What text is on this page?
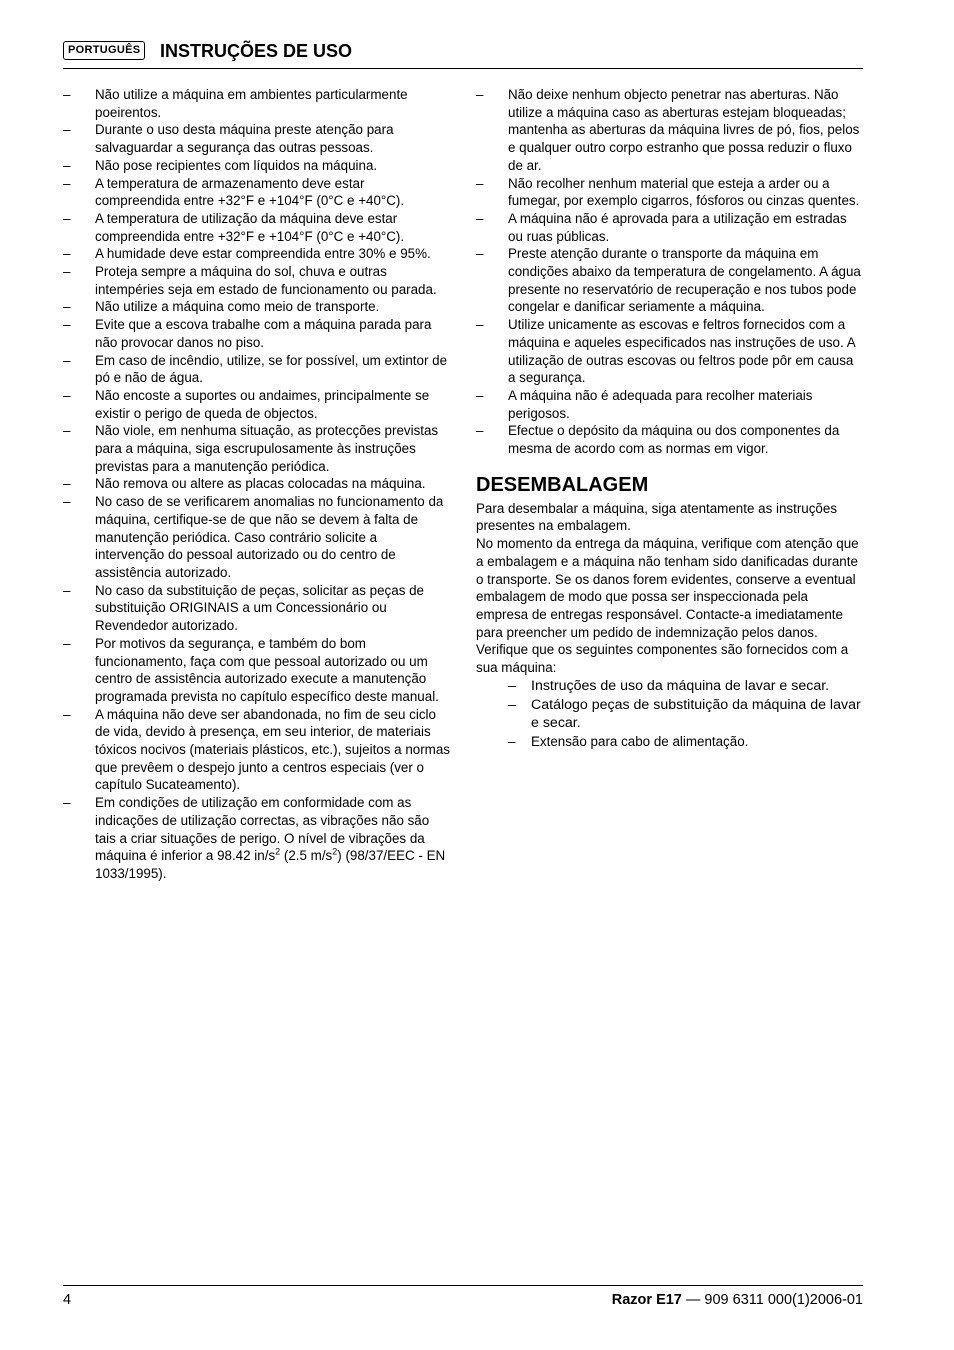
PORTUGUÊS INSTRUÇÕES DE USO
– Não utilize a máquina em ambientes particularmente poeirentos.
– Durante o uso desta máquina preste atenção para salvaguardar a segurança das outras pessoas.
– Não pose recipientes com líquidos na máquina.
– A temperatura de armazenamento deve estar compreendida entre +32°F e +104°F (0°C e +40°C).
– A temperatura de utilização da máquina deve estar compreendida entre +32°F e +104°F (0°C e +40°C).
– A humidade deve estar compreendida entre 30% e 95%.
– Proteja sempre a máquina do sol, chuva e outras intempéries seja em estado de funcionamento ou parada.
– Não utilize a máquina como meio de transporte.
– Evite que a escova trabalhe com a máquina parada para não provocar danos no piso.
– Em caso de incêndio, utilize, se for possível, um extintor de pó e não de água.
– Não encoste a suportes ou andaimes, principalmente se existir o perigo de queda de objectos.
– Não viole, em nenhuma situação, as protecções previstas para a máquina, siga escrupulosamente às instruções previstas para a manutenção periódica.
– Não remova ou altere as placas colocadas na máquina.
– No caso de se verificarem anomalias no funcionamento da máquina, certifique-se de que não se devem à falta de manutenção periódica. Caso contrário solicite a intervenção do pessoal autorizado ou do centro de assistência autorizado.
– No caso da substituição de peças, solicitar as peças de substituição ORIGINAIS a um Concessionário ou Revendedor autorizado.
– Por motivos da segurança, e também do bom funcionamento, faça com que pessoal autorizado ou um centro de assistência autorizado execute a manutenção programada prevista no capítulo específico deste manual.
– A máquina não deve ser abandonada, no fim de seu ciclo de vida, devido à presença, em seu interior, de materiais tóxicos nocivos (materiais plásticos, etc.), sujeitos a normas que prevêem o despejo junto a centros especiais (ver o capítulo Sucateamento).
– Em condições de utilização em conformidade com as indicações de utilização correctas, as vibrações não são tais a criar situações de perigo. O nível de vibrações da máquina é inferior a 98.42 $in/s^2$ (2.5 $m/s^2$) (98/37/EEC - EN 1033/1995).
– Não deixe nenhum objecto penetrar nas aberturas. Não utilize a máquina caso as aberturas estejam bloqueadas; mantenha as aberturas da máquina livres de pó, fios, pelos e qualquer outro corpo estranho que possa reduzir o fluxo de ar.
– Não recolher nenhum material que esteja a arder ou a fumegar, por exemplo cigarros, fósforos ou cinzas quentes.
– A máquina não é aprovada para a utilização em estradas ou ruas públicas.
– Preste atenção durante o transporte da máquina em condições abaixo da temperatura de congelamento. A água presente no reservatório de recuperação e nos tubos pode congelar e danificar seriamente a máquina.
– Utilize unicamente as escovas e feltros fornecidos com a máquina e aqueles especificados nas instruções de uso. A utilização de outras escovas ou feltros pode pôr em causa a segurança.
– A máquina não é adequada para recolher materiais perigosos.
– Efectue o depósito da máquina ou dos componentes da mesma de acordo com as normas em vigor.
DESEMBALAGEM

Para desembalar a máquina, siga atentamente as instruções presentes na embalagem.

No momento da entrega da máquina, verifique com atenção que a embalagem e a máquina não tenham sido danificadas durante o transporte. Se os danos forem evidentes, conserve a eventual embalagem de modo que possa ser inspeccionada pela empresa de entregas responsável. Contacte-a imediatamente para preencher um pedido de indemnização pelos danos.

Verifique que os seguintes componentes são fornecidos com a sua máquina:

– Instruções de uso da máquina de lavar e secar.
– Catálogo peças de substituição da máquina de lavar e secar.
– Extensão para cabo de alimentação.
4	Razor E17 — 909 6311 000(1)2006-01
